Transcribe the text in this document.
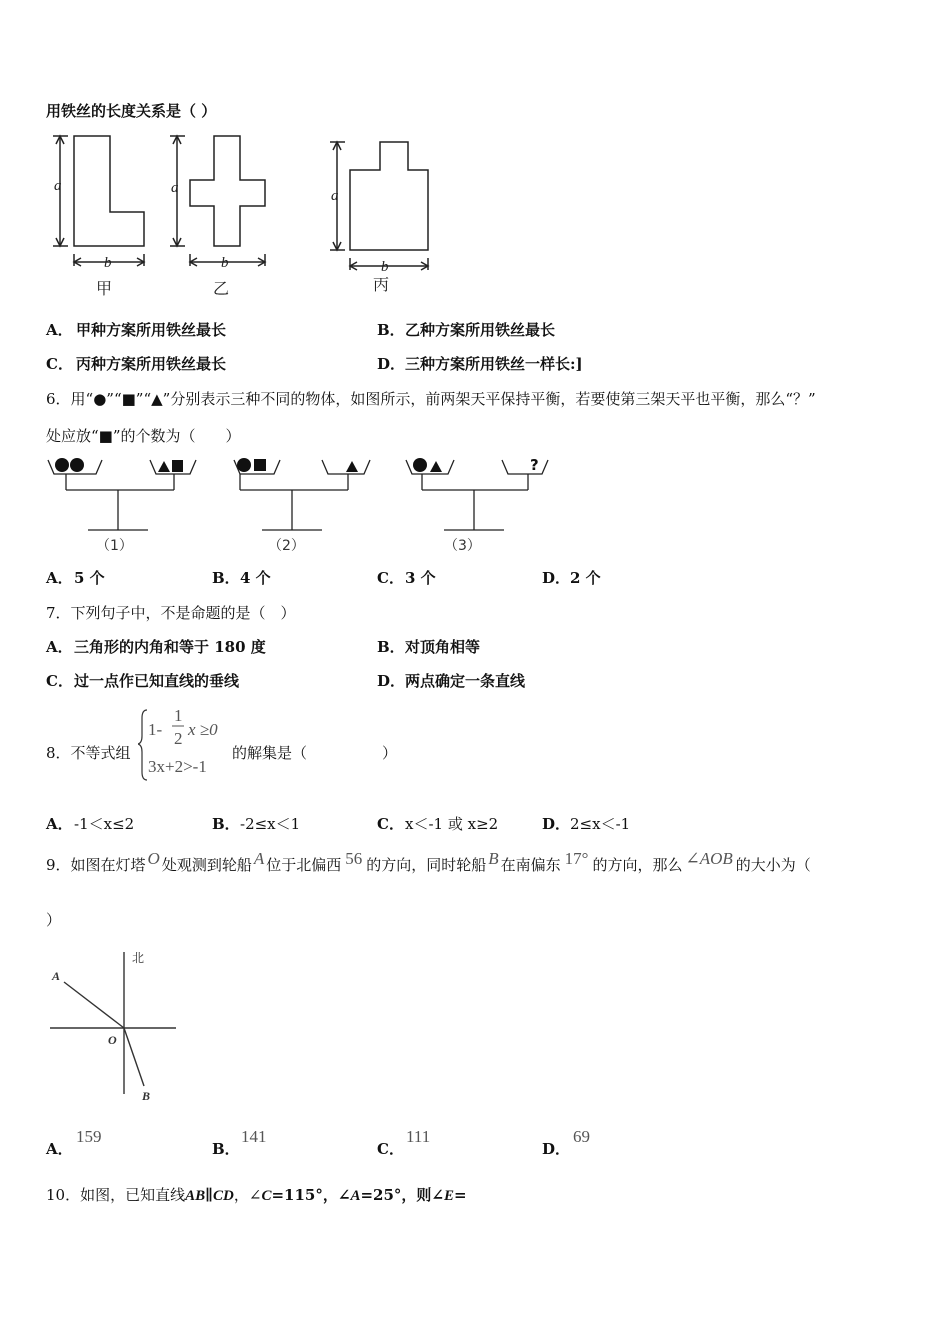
用铁丝的长度关系是（ ）
a
b
a
b
a
b
甲	乙	丙
A． 甲种方案所用铁丝最长	B． 乙种方案所用铁丝最长
C． 丙种方案所用铁丝最长	D． 三种方案所用铁丝一样长:]
6．用“●”“■”“▲”分别表示三种不同的物体，如图所示，前两架天平保持平衡，若要使第三架天平也平衡，那么“？”
处应放“■”的个数为（　　）
?
（1）	（2）	（3）
A． 5 个	B． 4 个	C． 3 个	D． 2 个
7．下列句子中，不是命题的是（　）
A． 三角形的内角和等于 180 度	B． 对顶角相等
C． 过一点作已知直线的垂线	D． 两点确定一条直线
8．不等式组
1-
1
2 x ≥0
3x+2>-1
的解集是（　　　　　）
A． -1＜x≤2	B． -2≤x＜1	C． x＜-1 或 x≥2	D． 2≤x＜-1
9．如图在灯塔 O 处观测到轮船 A 位于北偏西 56 的方向，同时轮船 B 在南偏东 17° 的方向，那么 ∠AOB 的大小为（
）
北
A
O
B
A．
159
B．
141
C．
111
D．
69
10．如图，已知直线AB∥CD，∠C=115°，∠A=25°，则∠E=
